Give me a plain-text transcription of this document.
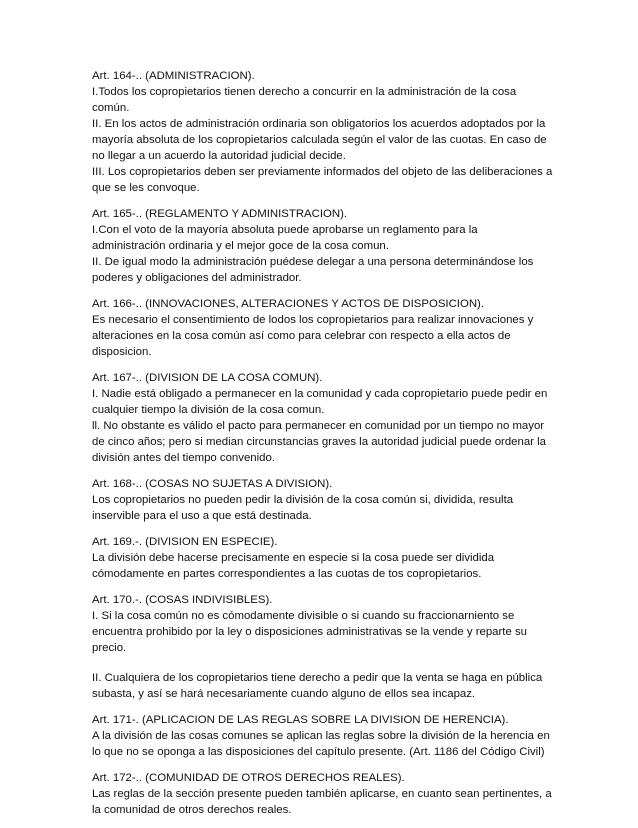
Art. 164-.. (ADMINISTRACION).

I.Todos los copropietarios tienen derecho a concurrir en la administración de la cosa común.

II. En los actos de administración ordinaria son obligatorios los acuerdos adoptados por la mayoría absoluta de los copropietarios calculada según el valor de las cuotas. En caso de no llegar a un acuerdo la autoridad judicial decide.

III. Los copropietarios deben ser previamente informados del objeto de las deliberaciones a que se les convoque.

Art. 165-.. (REGLAMENTO Y ADMINISTRACION).

I.Con el voto de la mayoría absoluta puede aprobarse un reglamento para la administración ordinaria y el mejor goce de la cosa comun.

II. De igual modo la administración puédese delegar a una persona determinándose los poderes y obligaciones del administrador.

Art. 166-.. (INNOVACIONES, ALTERACIONES Y ACTOS DE DISPOSICION).

Es necesario el consentimiento de lodos los copropietarios para realizar innovaciones y alteraciones en la cosa común así como para celebrar con respecto a ella actos de disposicion.

Art. 167-.. (DIVISION DE LA COSA COMUN).

I. Nadie está obligado a permanecer en la comunidad y cada copropietario puede pedir en cualquier tiempo la división de la cosa comun.

ll. No obstante es válido el pacto para permanecer en comunidad por un tiempo no mayor de cinco años; pero si median circunstancias graves la autoridad judicial puede ordenar la división antes del tiempo convenido.

Art. 168-.. (COSAS NO SUJETAS A DIVISION).

Los copropietarios no pueden pedir la división de la cosa común si, dividida, resulta inservible para el uso a que está destinada.

Art. 169.-. (DIVISION EN ESPECIE).

La división debe hacerse precisamente en especie si la cosa puede ser dividida cómodamente en partes correspondientes a las cuotas de tos copropietarios.

Art. 170.-. (COSAS INDIVISIBLES).

I. Si la cosa común no es cómodamente divisible o si cuando su fraccionarniento se encuentra prohibido por la ley o disposiciones administrativas se la vende y reparte su precio.

II. Cualquiera de los copropietarios tiene derecho a pedir que la venta se haga en pública subasta, y así se hará necesariamente cuando alguno de ellos sea incapaz.

Art. 171-. (APLICACION DE LAS REGLAS SOBRE LA DIVISION DE HERENCIA).

A la división de las cosas comunes se aplican las reglas sobre la división de la herencia en lo que no se oponga a las disposiciones del capítulo presente. (Art. 1186 del Código Civil)

Art. 172-.. (COMUNIDAD DE OTROS DERECHOS REALES).

Las reglas de la sección presente pueden también aplicarse, en cuanto sean pertinentes, a la comunidad de otros derechos reales.
